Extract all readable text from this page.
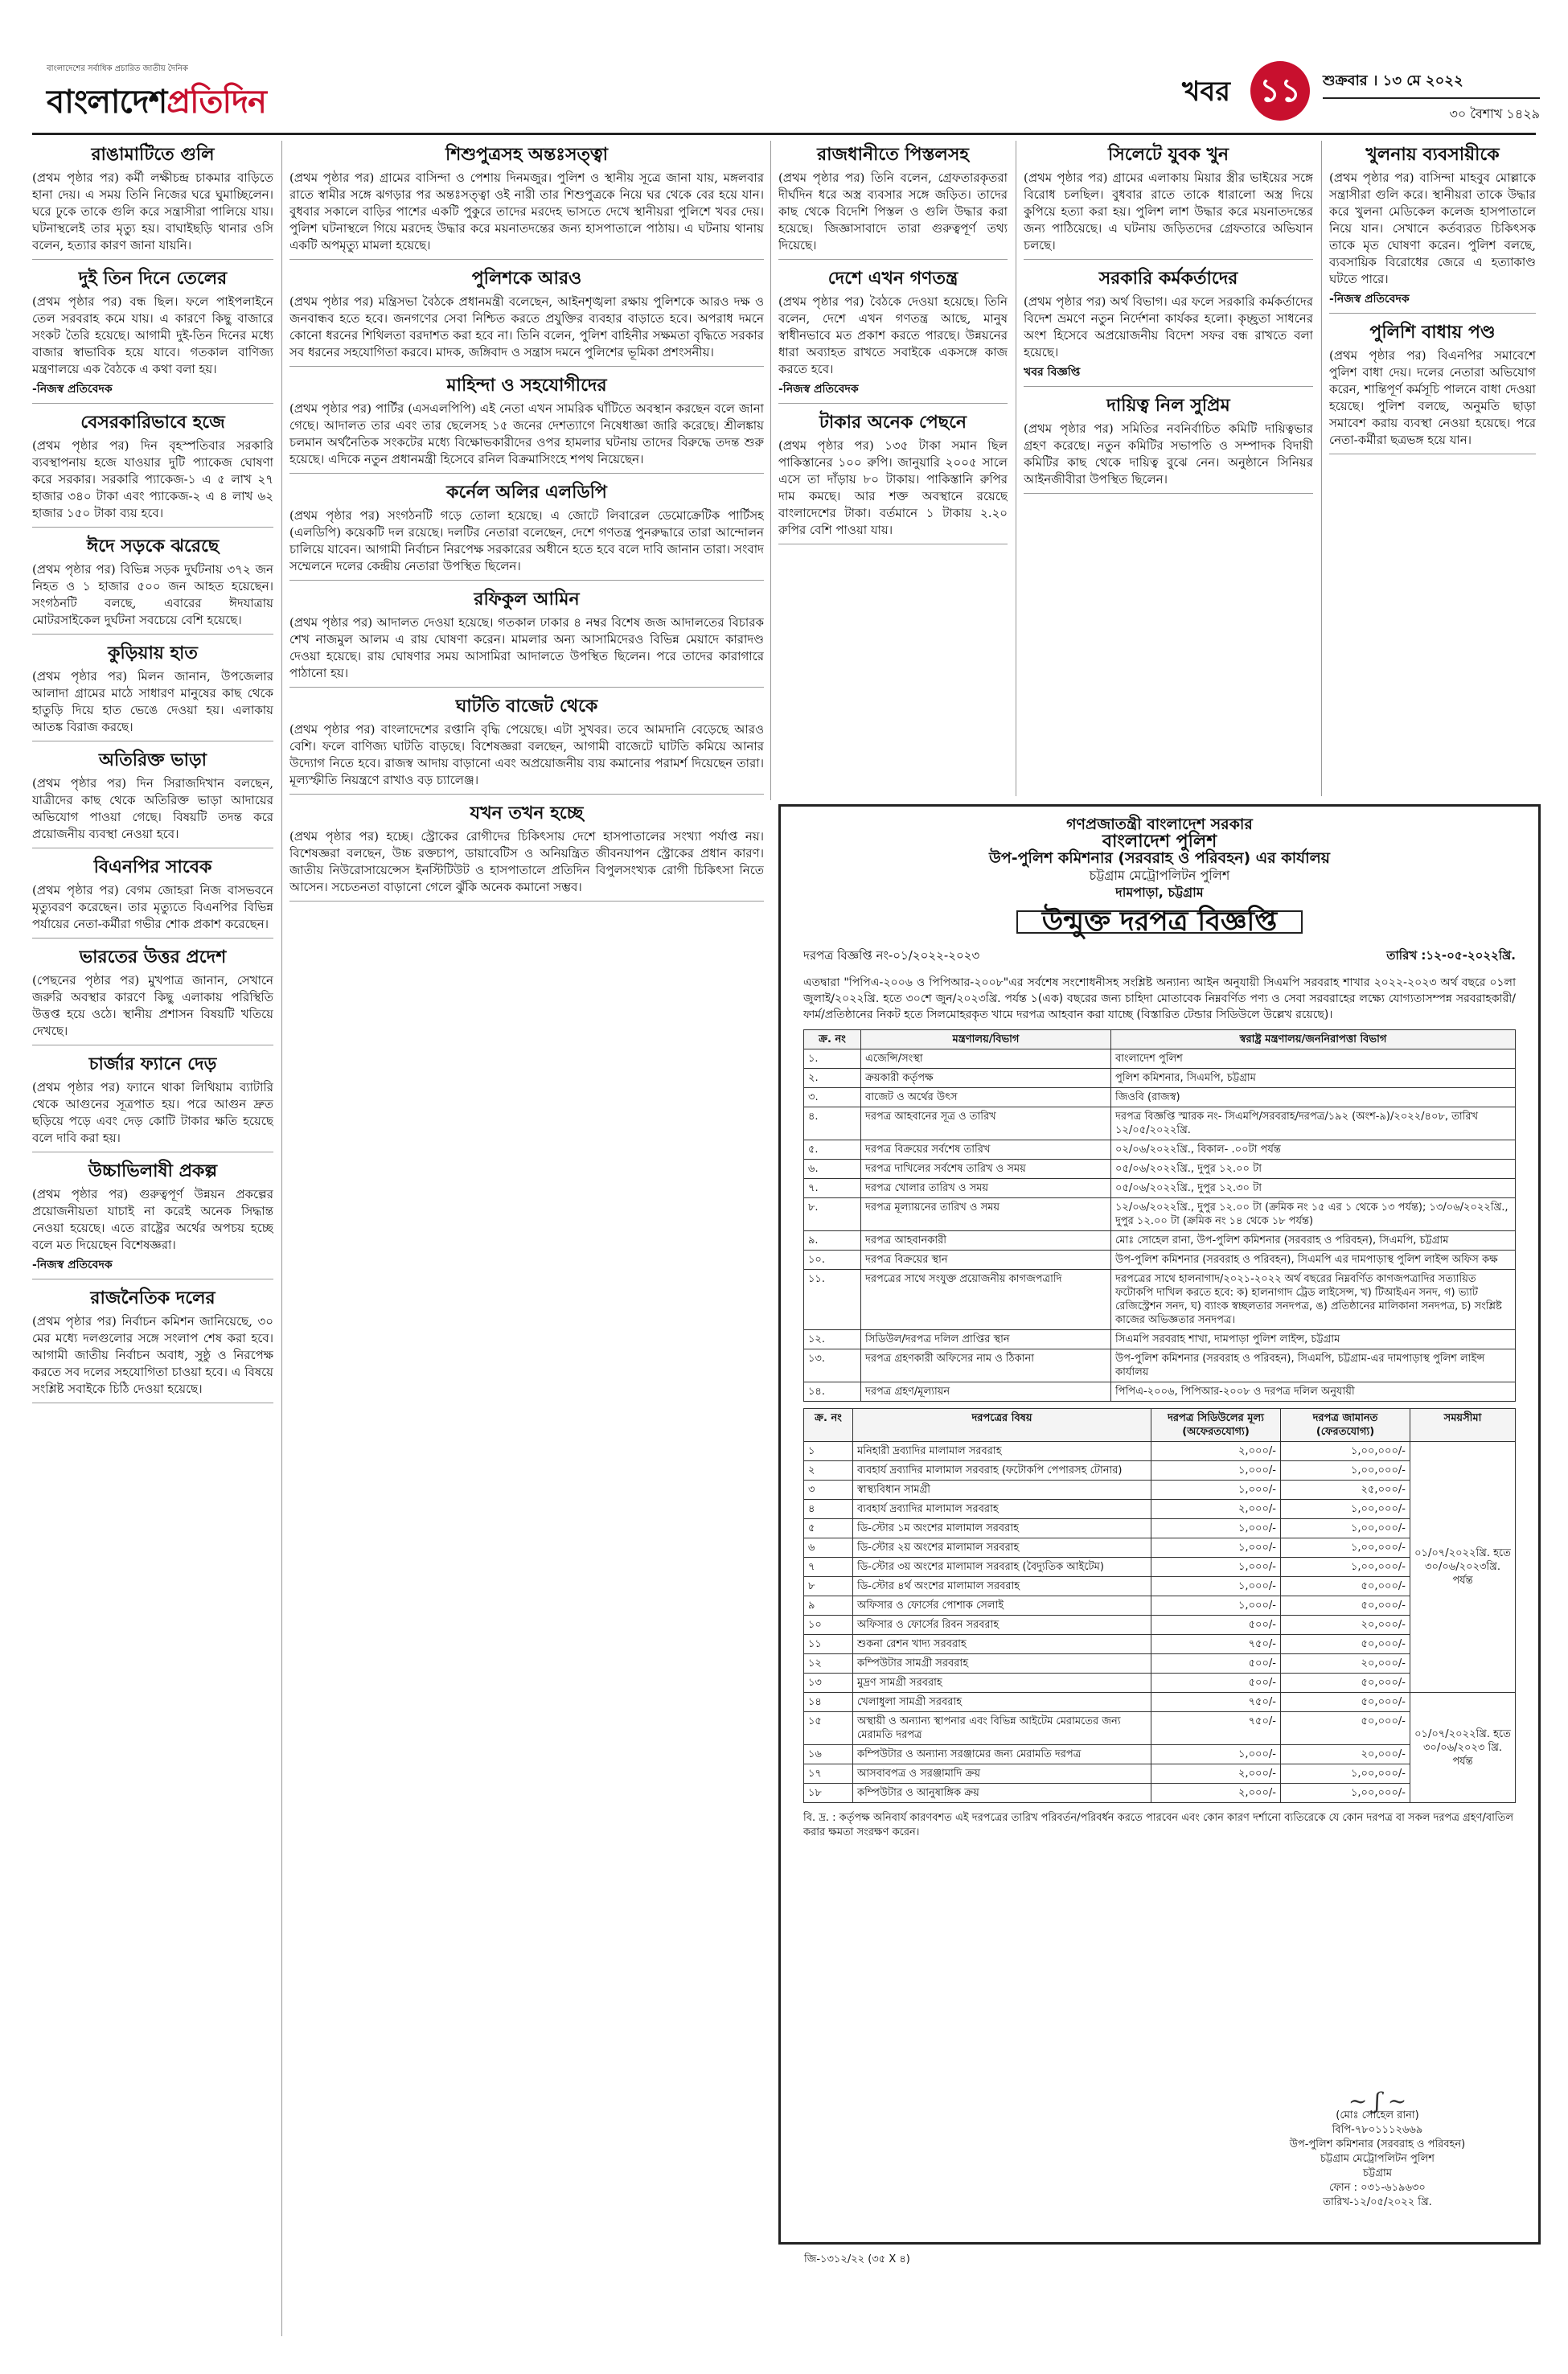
বাংলাদেশের সর্বাধিক প্রচারিত জাতীয় দৈনিক
বাংলাদেশপ্রতিদিন	খবর ১১	শুক্রবার । ১৩ মে ২০২২
৩০ বৈশাখ ১৪২৯
রাঙামাটিতে গুলি

(প্রথম পৃষ্ঠার পর) কর্মী লক্ষীচন্দ্র চাকমার বাড়িতে হানা দেয়। এ সময় তিনি নিজের ঘরে ঘুমাচ্ছিলেন। ঘরে ঢুকে তাকে গুলি করে সন্ত্রাসীরা পালিয়ে যায়। ঘটনাস্থলেই তার মৃত্যু হয়। বাঘাইছড়ি থানার ওসি বলেন, হত্যার কারণ জানা যায়নি।

দুই তিন দিনে তেলের

(প্রথম পৃষ্ঠার পর) বন্ধ ছিল। ফলে পাইপলাইনে তেল সরবরাহ কমে যায়। এ কারণে কিছু বাজারে সংকট তৈরি হয়েছে। আগামী দুই-তিন দিনের মধ্যে বাজার স্বাভাবিক হয়ে যাবে। গতকাল বাণিজ্য মন্ত্রণালয়ে এক বৈঠকে এ কথা বলা হয়।

-নিজস্ব প্রতিবেদক

বেসরকারিভাবে হজে

(প্রথম পৃষ্ঠার পর) দিন বৃহস্পতিবার সরকারি ব্যবস্থাপনায় হজে যাওয়ার দুটি প্যাকেজ ঘোষণা করে সরকার। সরকারি প্যাকেজ-১ এ ৫ লাখ ২৭ হাজার ৩৪০ টাকা এবং প্যাকেজ-২ এ ৪ লাখ ৬২ হাজার ১৫০ টাকা ব্যয় হবে।

ঈদে সড়কে ঝরেছে

(প্রথম পৃষ্ঠার পর) বিভিন্ন সড়ক দুর্ঘটনায় ৩৭২ জন নিহত ও ১ হাজার ৫০০ জন আহত হয়েছেন। সংগঠনটি বলছে, এবারের ঈদযাত্রায় মোটরসাইকেল দুর্ঘটনা সবচেয়ে বেশি হয়েছে।

কুড়িয়ায় হাত

(প্রথম পৃষ্ঠার পর) মিলন জানান, উপজেলার আলাদা গ্রামের মাঠে সাধারণ মানুষের কাছ থেকে হাতুড়ি দিয়ে হাত ভেঙে দেওয়া হয়। এলাকায় আতঙ্ক বিরাজ করছে।

অতিরিক্ত ভাড়া

(প্রথম পৃষ্ঠার পর) দিন সিরাজদিখান বলছেন, যাত্রীদের কাছ থেকে অতিরিক্ত ভাড়া আদায়ের অভিযোগ পাওয়া গেছে। বিষয়টি তদন্ত করে প্রয়োজনীয় ব্যবস্থা নেওয়া হবে।

বিএনপির সাবেক

(প্রথম পৃষ্ঠার পর) বেগম জোহরা নিজ বাসভবনে মৃত্যুবরণ করেছেন। তার মৃত্যুতে বিএনপির বিভিন্ন পর্যায়ের নেতা-কর্মীরা গভীর শোক প্রকাশ করেছেন।

ভারতের উত্তর প্রদেশ

(পেছনের পৃষ্ঠার পর) মুখপাত্র জানান, সেখানে জরুরি অবস্থার কারণে কিছু এলাকায় পরিস্থিতি উত্তপ্ত হয়ে ওঠে। স্থানীয় প্রশাসন বিষয়টি খতিয়ে দেখছে।

চার্জার ফ্যানে দেড়

(প্রথম পৃষ্ঠার পর) ফ্যানে থাকা লিথিয়াম ব্যাটারি থেকে আগুনের সূত্রপাত হয়। পরে আগুন দ্রুত ছড়িয়ে পড়ে এবং দেড় কোটি টাকার ক্ষতি হয়েছে বলে দাবি করা হয়।

উচ্চাভিলাষী প্রকল্প

(প্রথম পৃষ্ঠার পর) গুরুত্বপূর্ণ উন্নয়ন প্রকল্পের প্রয়োজনীয়তা যাচাই না করেই অনেক সিদ্ধান্ত নেওয়া হয়েছে। এতে রাষ্ট্রের অর্থের অপচয় হচ্ছে বলে মত দিয়েছেন বিশেষজ্ঞরা।

-নিজস্ব প্রতিবেদক

রাজনৈতিক দলের

(প্রথম পৃষ্ঠার পর) নির্বাচন কমিশন জানিয়েছে, ৩০ মের মধ্যে দলগুলোর সঙ্গে সংলাপ শেষ করা হবে। আগামী জাতীয় নির্বাচন অবাধ, সুষ্ঠু ও নিরপেক্ষ করতে সব দলের সহযোগিতা চাওয়া হবে। এ বিষয়ে সংশ্লিষ্ট সবাইকে চিঠি দেওয়া হয়েছে।

শিশুপুত্রসহ অন্তঃসত্ত্বা

(প্রথম পৃষ্ঠার পর) গ্রামের বাসিন্দা ও পেশায় দিনমজুর। পুলিশ ও স্থানীয় সূত্রে জানা যায়, মঙ্গলবার রাতে স্বামীর সঙ্গে ঝগড়ার পর অন্তঃসত্ত্বা ওই নারী তার শিশুপুত্রকে নিয়ে ঘর থেকে বের হয়ে যান। বুধবার সকালে বাড়ির পাশের একটি পুকুরে তাদের মরদেহ ভাসতে দেখে স্থানীয়রা পুলিশে খবর দেয়। পুলিশ ঘটনাস্থলে গিয়ে মরদেহ উদ্ধার করে ময়নাতদন্তের জন্য হাসপাতালে পাঠায়। এ ঘটনায় থানায় একটি অপমৃত্যু মামলা হয়েছে।

পুলিশকে আরও

(প্রথম পৃষ্ঠার পর) মন্ত্রিসভা বৈঠকে প্রধানমন্ত্রী বলেছেন, আইনশৃঙ্খলা রক্ষায় পুলিশকে আরও দক্ষ ও জনবান্ধব হতে হবে। জনগণের সেবা নিশ্চিত করতে প্রযুক্তির ব্যবহার বাড়াতে হবে। অপরাধ দমনে কোনো ধরনের শিথিলতা বরদাশত করা হবে না। তিনি বলেন, পুলিশ বাহিনীর সক্ষমতা বৃদ্ধিতে সরকার সব ধরনের সহযোগিতা করবে। মাদক, জঙ্গিবাদ ও সন্ত্রাস দমনে পুলিশের ভূমিকা প্রশংসনীয়।

মাহিন্দা ও সহযোগীদের

(প্রথম পৃষ্ঠার পর) পার্টির (এসএলপিপি) এই নেতা এখন সামরিক ঘাঁটিতে অবস্থান করছেন বলে জানা গেছে। আদালত তার এবং তার ছেলেসহ ১৫ জনের দেশত্যাগে নিষেধাজ্ঞা জারি করেছে। শ্রীলঙ্কায় চলমান অর্থনৈতিক সংকটের মধ্যে বিক্ষোভকারীদের ওপর হামলার ঘটনায় তাদের বিরুদ্ধে তদন্ত শুরু হয়েছে। এদিকে নতুন প্রধানমন্ত্রী হিসেবে রনিল বিক্রমাসিংহে শপথ নিয়েছেন।

কর্নেল অলির এলডিপি

(প্রথম পৃষ্ঠার পর) সংগঠনটি গড়ে তোলা হয়েছে। এ জোটে লিবারেল ডেমোক্রেটিক পার্টিসহ (এলডিপি) কয়েকটি দল রয়েছে। দলটির নেতারা বলেছেন, দেশে গণতন্ত্র পুনরুদ্ধারে তারা আন্দোলন চালিয়ে যাবেন। আগামী নির্বাচন নিরপেক্ষ সরকারের অধীনে হতে হবে বলে দাবি জানান তারা। সংবাদ সম্মেলনে দলের কেন্দ্রীয় নেতারা উপস্থিত ছিলেন।

রফিকুল আমিন

(প্রথম পৃষ্ঠার পর) আদালত দেওয়া হয়েছে। গতকাল ঢাকার ৪ নম্বর বিশেষ জজ আদালতের বিচারক শেখ নাজমুল আলম এ রায় ঘোষণা করেন। মামলার অন্য আসামিদেরও বিভিন্ন মেয়াদে কারাদণ্ড দেওয়া হয়েছে। রায় ঘোষণার সময় আসামিরা আদালতে উপস্থিত ছিলেন। পরে তাদের কারাগারে পাঠানো হয়।

ঘাটতি বাজেট থেকে

(প্রথম পৃষ্ঠার পর) বাংলাদেশের রপ্তানি বৃদ্ধি পেয়েছে। এটা সুখবর। তবে আমদানি বেড়েছে আরও বেশি। ফলে বাণিজ্য ঘাটতি বাড়ছে। বিশেষজ্ঞরা বলছেন, আগামী বাজেটে ঘাটতি কমিয়ে আনার উদ্যোগ নিতে হবে। রাজস্ব আদায় বাড়ানো এবং অপ্রয়োজনীয় ব্যয় কমানোর পরামর্শ দিয়েছেন তারা। মূল্যস্ফীতি নিয়ন্ত্রণে রাখাও বড় চ্যালেঞ্জ।

যখন তখন হচ্ছে

(প্রথম পৃষ্ঠার পর) হচ্ছে। স্ট্রোকের রোগীদের চিকিৎসায় দেশে হাসপাতালের সংখ্যা পর্যাপ্ত নয়। বিশেষজ্ঞরা বলছেন, উচ্চ রক্তচাপ, ডায়াবেটিস ও অনিয়ন্ত্রিত জীবনযাপন স্ট্রোকের প্রধান কারণ। জাতীয় নিউরোসায়েন্সেস ইনস্টিটিউট ও হাসপাতালে প্রতিদিন বিপুলসংখ্যক রোগী চিকিৎসা নিতে আসেন। সচেতনতা বাড়ানো গেলে ঝুঁকি অনেক কমানো সম্ভব।

রাজধানীতে পিস্তলসহ

(প্রথম পৃষ্ঠার পর) তিনি বলেন, গ্রেফতারকৃতরা দীর্ঘদিন ধরে অস্ত্র ব্যবসার সঙ্গে জড়িত। তাদের কাছ থেকে বিদেশি পিস্তল ও গুলি উদ্ধার করা হয়েছে। জিজ্ঞাসাবাদে তারা গুরুত্বপূর্ণ তথ্য দিয়েছে।

দেশে এখন গণতন্ত্র

(প্রথম পৃষ্ঠার পর) বৈঠকে দেওয়া হয়েছে। তিনি বলেন, দেশে এখন গণতন্ত্র আছে, মানুষ স্বাধীনভাবে মত প্রকাশ করতে পারছে। উন্নয়নের ধারা অব্যাহত রাখতে সবাইকে একসঙ্গে কাজ করতে হবে।

-নিজস্ব প্রতিবেদক

টাকার অনেক পেছনে

(প্রথম পৃষ্ঠার পর) ১৩৫ টাকা সমান ছিল পাকিস্তানের ১০০ রুপি। জানুয়ারি ২০০৫ সালে এসে তা দাঁড়ায় ৮০ টাকায়। পাকিস্তানি রুপির দাম কমছে। আর শক্ত অবস্থানে রয়েছে বাংলাদেশের টাকা। বর্তমানে ১ টাকায় ২.২০ রুপির বেশি পাওয়া যায়।

সিলেটে যুবক খুন

(প্রথম পৃষ্ঠার পর) গ্রামের এলাকায় মিয়ার স্ত্রীর ভাইয়ের সঙ্গে বিরোধ চলছিল। বুধবার রাতে তাকে ধারালো অস্ত্র দিয়ে কুপিয়ে হত্যা করা হয়। পুলিশ লাশ উদ্ধার করে ময়নাতদন্তের জন্য পাঠিয়েছে। এ ঘটনায় জড়িতদের গ্রেফতারে অভিযান চলছে।

সরকারি কর্মকর্তাদের

(প্রথম পৃষ্ঠার পর) অর্থ বিভাগ। এর ফলে সরকারি কর্মকর্তাদের বিদেশ ভ্রমণে নতুন নির্দেশনা কার্যকর হলো। কৃচ্ছ্রতা সাধনের অংশ হিসেবে অপ্রয়োজনীয় বিদেশ সফর বন্ধ রাখতে বলা হয়েছে।

খবর বিজ্ঞপ্তি

দায়িত্ব নিল সুপ্রিম

(প্রথম পৃষ্ঠার পর) সমিতির নবনির্বাচিত কমিটি দায়িত্বভার গ্রহণ করেছে। নতুন কমিটির সভাপতি ও সম্পাদক বিদায়ী কমিটির কাছ থেকে দায়িত্ব বুঝে নেন। অনুষ্ঠানে সিনিয়র আইনজীবীরা উপস্থিত ছিলেন।

খুলনায় ব্যবসায়ীকে

(প্রথম পৃষ্ঠার পর) বাসিন্দা মাহবুব মোল্লাকে সন্ত্রাসীরা গুলি করে। স্থানীয়রা তাকে উদ্ধার করে খুলনা মেডিকেল কলেজ হাসপাতালে নিয়ে যান। সেখানে কর্তব্যরত চিকিৎসক তাকে মৃত ঘোষণা করেন। পুলিশ বলছে, ব্যবসায়িক বিরোধের জেরে এ হত্যাকাণ্ড ঘটতে পারে।

-নিজস্ব প্রতিবেদক

পুলিশি বাধায় পণ্ড

(প্রথম পৃষ্ঠার পর) বিএনপির সমাবেশে পুলিশ বাধা দেয়। দলের নেতারা অভিযোগ করেন, শান্তিপূর্ণ কর্মসূচি পালনে বাধা দেওয়া হয়েছে। পুলিশ বলছে, অনুমতি ছাড়া সমাবেশ করায় ব্যবস্থা নেওয়া হয়েছে। পরে নেতা-কর্মীরা ছত্রভঙ্গ হয়ে যান।

গণপ্রজাতন্ত্রী বাংলাদেশ সরকার
বাংলাদেশ পুলিশ
উপ-পুলিশ কমিশনার (সরবরাহ ও পরিবহন) এর কার্যালয়
চট্টগ্রাম মেট্রোপলিটন পুলিশ
দামপাড়া, চট্টগ্রাম
উন্মুক্ত দরপত্র বিজ্ঞপ্তি
দরপত্র বিজ্ঞপ্তি নং-০১/২০২২-২০২৩	তারিখ :১২-০৫-২০২২খ্রি.
এতদ্বারা "পিপিএ-২০০৬ ও পিপিআর-২০০৮"এর সর্বশেষ সংশোধনীসহ সংশ্লিষ্ট অন্যান্য আইন অনুযায়ী সিএমপি সরবরাহ শাখার ২০২২-২০২৩ অর্থ বছরে ০১লা জুলাই/২০২২খ্রি. হতে ৩০শে জুন/২০২৩খ্রি. পর্যন্ত ১(এক) বছরের জন্য চাহিদা মোতাবেক নিম্নবর্ণিত পণ্য ও সেবা সরবরাহের লক্ষ্যে যোগ্যতাসম্পন্ন সরবরাহকারী/ফার্ম/প্রতিষ্ঠানের নিকট হতে সিলমোহরকৃত খামে দরপত্র আহবান করা যাচ্ছে (বিস্তারিত টেন্ডার সিডিউলে উল্লেখ রয়েছে)।
ক্র. নং	মন্ত্রণালয়/বিভাগ	স্বরাষ্ট্র মন্ত্রণালয়/জননিরাপত্তা বিভাগ
১.	এজেন্সি/সংস্থা	বাংলাদেশ পুলিশ
২.	ক্রয়কারী কর্তৃপক্ষ	পুলিশ কমিশনার, সিএমপি, চট্টগ্রাম
৩.	বাজেট ও অর্থের উৎস	জিওবি (রাজস্ব)
৪.	দরপত্র আহবানের সূত্র ও তারিখ	দরপত্র বিজ্ঞপ্তি স্মারক নং- সিএমপি/সরবরাহ/দরপত্র/১৯২ (অংশ-৯)/২০২২/৪০৮, তারিখ ১২/০৫/২০২২খ্রি.
৫.	দরপত্র বিক্রয়ের সর্বশেষ তারিখ	০২/০৬/২০২২খ্রি., বিকাল- .০০টা পর্যন্ত
৬.	দরপত্র দাখিলের সর্বশেষ তারিখ ও সময়	০৫/০৬/২০২২খ্রি., দুপুর ১২.০০ টা
৭.	দরপত্র খোলার তারিখ ও সময়	০৫/০৬/২০২২খ্রি., দুপুর ১২.৩০ টা
৮.	দরপত্র মূল্যায়নের তারিখ ও সময়	১২/০৬/২০২২খ্রি., দুপুর ১২.০০ টা (ক্রমিক নং ১৫ এর ১ থেকে ১৩ পর্যন্ত); ১৩/০৬/২০২২খ্রি., দুপুর ১২.০০ টা (ক্রমিক নং ১৪ থেকে ১৮ পর্যন্ত)
৯.	দরপত্র আহবানকারী	মোঃ সোহেল রানা, উপ-পুলিশ কমিশনার (সরবরাহ ও পরিবহন), সিএমপি, চট্টগ্রাম
১০.	দরপত্র বিক্রয়ের স্থান	উপ-পুলিশ কমিশনার (সরবরাহ ও পরিবহন), সিএমপি এর দামপাড়াস্থ পুলিশ লাইন্স অফিস কক্ষ
১১.	দরপত্রের সাথে সংযুক্ত প্রয়োজনীয় কাগজপত্রাদি	দরপত্রের সাথে হালনাগাদ/২০২১-২০২২ অর্থ বছরের নিম্নবর্ণিত কাগজপত্রাদির সত্যায়িত ফটোকপি দাখিল করতে হবে: ক) হালনাগাদ ট্রেড লাইসেন্স, খ) টিআইএন সনদ, গ) ভ্যাট রেজিস্ট্রেশন সনদ, ঘ) ব্যাংক স্বচ্ছলতার সনদপত্র, ঙ) প্রতিষ্ঠানের মালিকানা সনদপত্র, চ) সংশ্লিষ্ট কাজের অভিজ্ঞতার সনদপত্র।
১২.	সিডিউল/দরপত্র দলিল প্রাপ্তির স্থান	সিএমপি সরবরাহ শাখা, দামপাড়া পুলিশ লাইন্স, চট্টগ্রাম
১৩.	দরপত্র গ্রহণকারী অফিসের নাম ও ঠিকানা	উপ-পুলিশ কমিশনার (সরবরাহ ও পরিবহন), সিএমপি, চট্টগ্রাম-এর দামপাড়াস্থ পুলিশ লাইন্স কার্যালয়
১৪.	দরপত্র গ্রহণ/মূল্যায়ন	পিপিএ-২০০৬, পিপিআর-২০০৮ ও দরপত্র দলিল অনুযায়ী
ক্র. নং	দরপত্রের বিষয়	দরপত্র সিডিউলের মূল্য (অফেরতযোগ্য)	দরপত্র জামানত (ফেরতযোগ্য)	সময়সীমা
১	মনিহারী দ্রব্যাদির মালামাল সরবরাহ	২,০০০/-	১,০০,০০০/-	০১/০৭/২০২২খ্রি. হতে ৩০/০৬/২০২৩খ্রি. পর্যন্ত
২	ব্যবহার্য দ্রব্যাদির মালামাল সরবরাহ (ফটোকপি পেপারসহ টোনার)	১,০০০/-	১,০০,০০০/-	
৩	স্বাস্থ্যবিধান সামগ্রী	১,০০০/-	২৫,০০০/-	
৪	ব্যবহার্য দ্রব্যাদির মালামাল সরবরাহ	২,০০০/-	১,০০,০০০/-	
৫	ডি-স্টোর ১ম অংশের মালামাল সরবরাহ	১,০০০/-	১,০০,০০০/-	
৬	ডি-স্টোর ২য় অংশের মালামাল সরবরাহ	১,০০০/-	১,০০,০০০/-	
৭	ডি-স্টোর ৩য় অংশের মালামাল সরবরাহ (বৈদ্যুতিক আইটেম)	১,০০০/-	১,০০,০০০/-	
৮	ডি-স্টোর ৪র্থ অংশের মালামাল সরবরাহ	১,০০০/-	৫০,০০০/-	
৯	অফিসার ও ফোর্সের পোশাক সেলাই	১,০০০/-	৫০,০০০/-	
১০	অফিসার ও ফোর্সের রিবন সরবরাহ	৫০০/-	২০,০০০/-	
১১	শুকনা রেশন খাদ্য সরবরাহ	৭৫০/-	৫০,০০০/-	
১২	কম্পিউটার সামগ্রী সরবরাহ	৫০০/-	২০,০০০/-	
১৩	মুদ্রণ সামগ্রী সরবরাহ	৫০০/-	৫০,০০০/-	
১৪	খেলাধুলা সামগ্রী সরবরাহ	৭৫০/-	৫০,০০০/-	০১/০৭/২০২২খ্রি. হতে ৩০/০৬/২০২৩ খ্রি. পর্যন্ত
১৫	অস্থায়ী ও অন্যান্য স্থাপনার এবং বিভিন্ন আইটেম মেরামতের জন্য মেরামতি দরপত্র	৭৫০/-	৫০,০০০/-	
১৬	কম্পিউটার ও অন্যান্য সরঞ্জামের জন্য মেরামতি দরপত্র	১,০০০/-	২০,০০০/-	
১৭	আসবাবপত্র ও সরঞ্জামাদি ক্রয়	২,০০০/-	১,০০,০০০/-	
১৮	কম্পিউটার ও আনুষাঙ্গিক ক্রয়	২,০০০/-	১,০০,০০০/-	
বি. দ্র. : কর্তৃপক্ষ অনিবার্য কারণবশত এই দরপত্রের তারিখ পরিবর্তন/পরিবর্ধন করতে পারবেন এবং কোন কারণ দর্শানো ব্যতিরেকে যে কোন দরপত্র বা সকল দরপত্র গ্রহণ/বাতিল করার ক্ষমতা সংরক্ষণ করেন।
~ ʃ ~
(মোঃ সোহেল রানা)
বিপি-৭৮০১১১২৬৬৯
উপ-পুলিশ কমিশনার (সরবরাহ ও পরিবহন)
চট্টগ্রাম মেট্রোপলিটন পুলিশ
চট্টগ্রাম
ফোন : ০৩১-৬১৯৬৩০
তারিখ-১২/০৫/২০২২ খ্রি.
জি-১৩১২/২২ (৩৫ X ৪)
